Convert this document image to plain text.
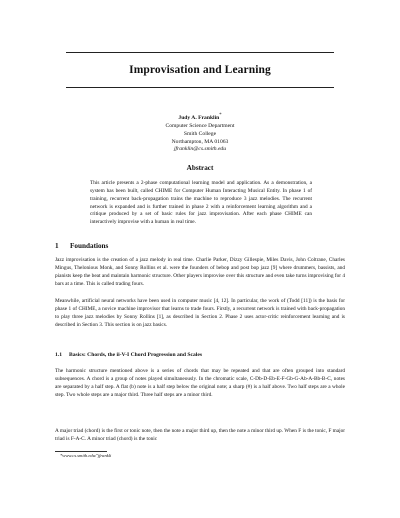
Improvisation and Learning
Judy A. Franklin*
Computer Science Department
Smith College
Northampton, MA 01063
jfranklin@cs.smith.edu
Abstract
This article presents a 2-phase computational learning model and application. As a demonstration, a system has been built, called CHIME for Computer Human Interacting Musical Entity. In phase 1 of training, recurrent back-propagation trains the machine to reproduce 3 jazz melodies. The recurrent network is expanded and is further trained in phase 2 with a reinforcement learning algorithm and a critique produced by a set of basic rules for jazz improvisation. After each phase CHIME can interactively improvise with a human in real time.
1 Foundations
Jazz improvisation is the creation of a jazz melody in real time. Charlie Parker, Dizzy Gillespie, Miles Davis, John Coltrane, Charles Mingus, Thelonious Monk, and Sonny Rollins et al. were the founders of bebop and post bop jazz [9] where drummers, bassists, and pianists keep the beat and maintain harmonic structure. Other players improvise over this structure and even take turns improvising for 4 bars at a time. This is called trading fours.
Meanwhile, artificial neural networks have been used in computer music [4, 12]. In particular, the work of (Todd [11]) is the basis for phase 1 of CHIME, a novice machine improvisor that learns to trade fours. Firstly, a recurrent network is trained with back-propagation to play three jazz melodies by Sonny Rollins [1], as described in Section 2. Phase 2 uses actor-critic reinforcement learning and is described in Section 3. This section is on jazz basics.
1.1 Basics: Chords, the ii-V-I Chord Progression and Scales
The harmonic structure mentioned above is a series of chords that may be repeated and that are often grouped into standard subsequences. A chord is a group of notes played simultaneously. In the chromatic scale, C-Db-D-Eb-E-F-Gb-G-Ab-A-Bb-B-C, notes are separated by a half step. A flat (b) note is a half step below the original note; a sharp (#) is a half above. Two half steps are a whole step. Two whole steps are a major third. Three half steps are a minor third.
A major triad (chord) is the first or tonic note, then the note a major third up, then the note a minor third up. When F is the tonic, F major triad is F-A-C. A minor triad (chord) is the tonic
*www.cs.smith.edu/˜jfrankli
